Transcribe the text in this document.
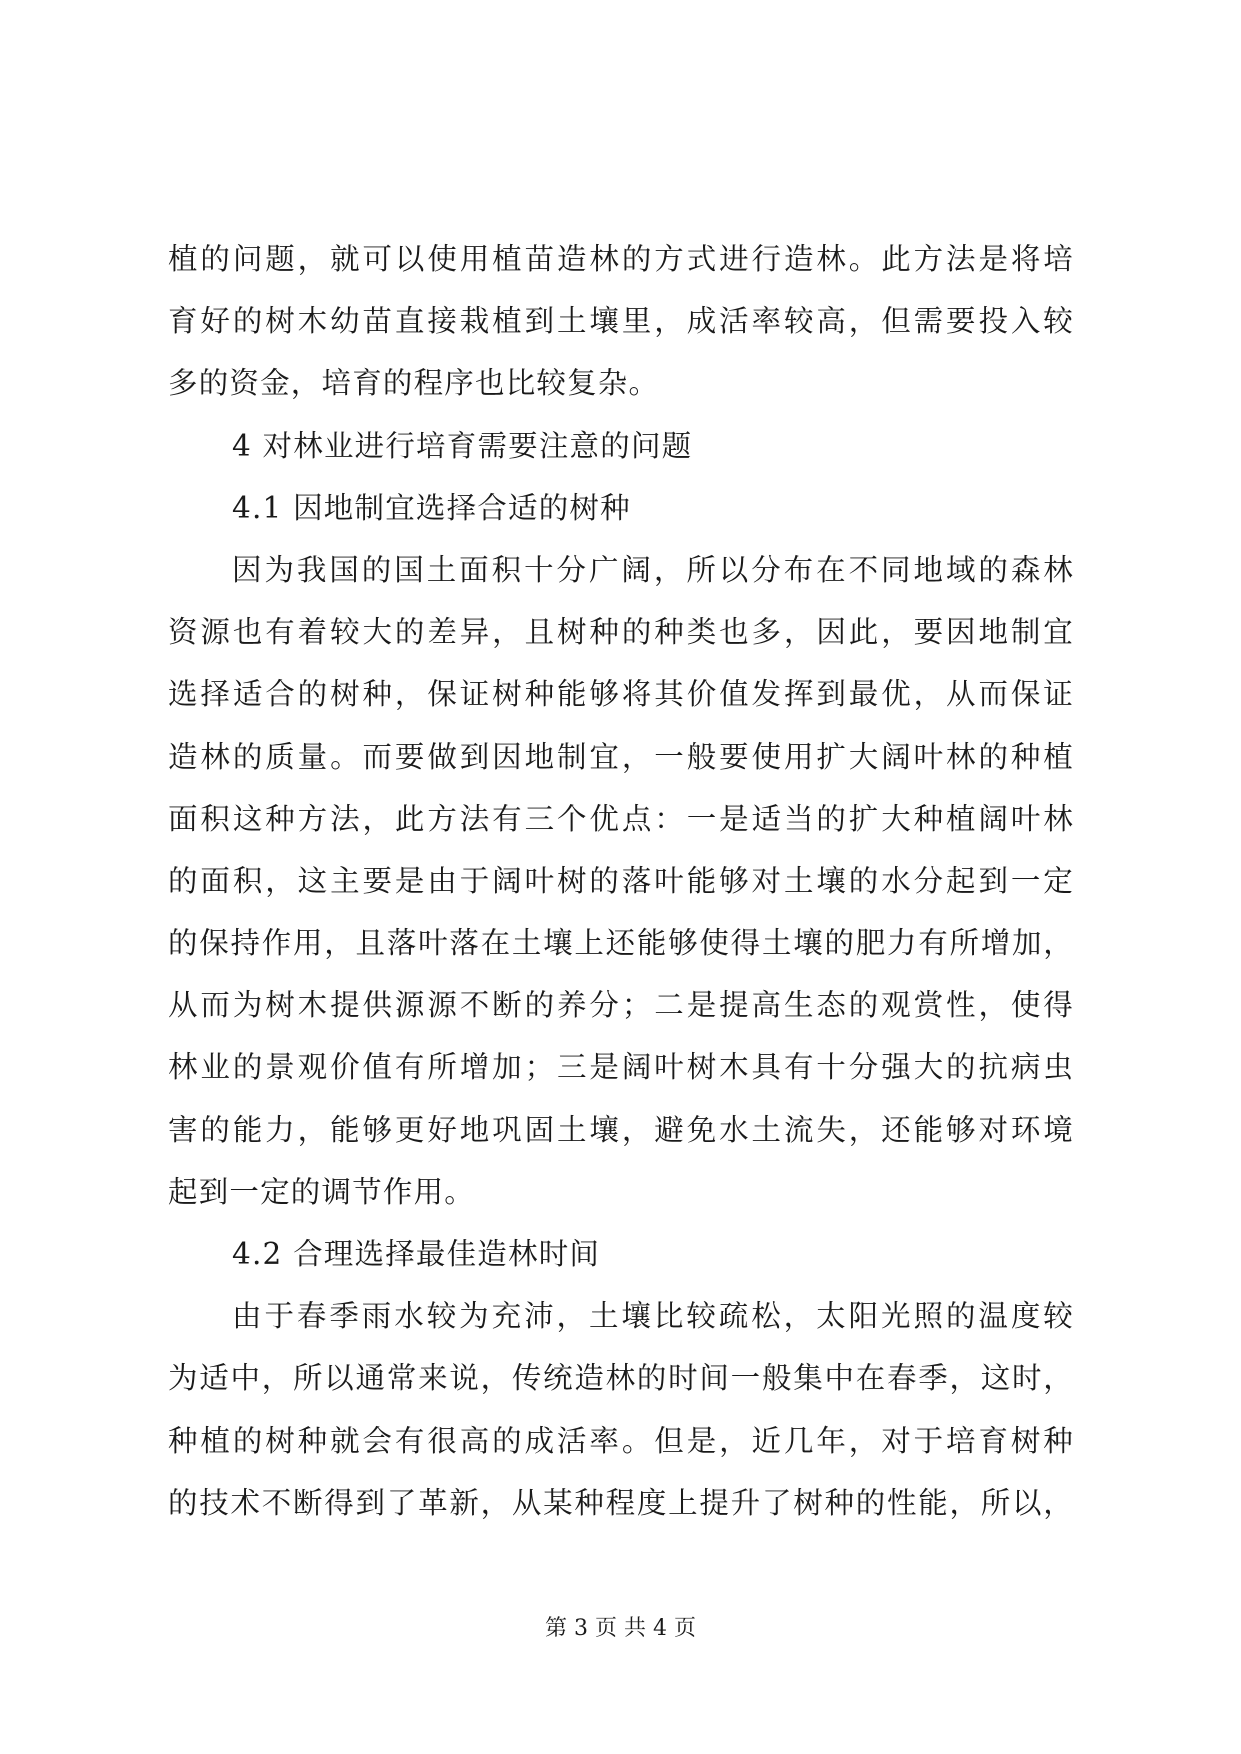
植的问题，就可以使用植苗造林的方式进行造林。此方法是将培
育好的树木幼苗直接栽植到土壤里，成活率较高，但需要投入较
多的资金，培育的程序也比较复杂。
4 对林业进行培育需要注意的问题
4.1 因地制宜选择合适的树种
因为我国的国土面积十分广阔，所以分布在不同地域的森林
资源也有着较大的差异，且树种的种类也多，因此，要因地制宜
选择适合的树种，保证树种能够将其价值发挥到最优，从而保证
造林的质量。而要做到因地制宜，一般要使用扩大阔叶林的种植
面积这种方法，此方法有三个优点：一是适当的扩大种植阔叶林
的面积，这主要是由于阔叶树的落叶能够对土壤的水分起到一定
的保持作用，且落叶落在土壤上还能够使得土壤的肥力有所增加，
从而为树木提供源源不断的养分；二是提高生态的观赏性，使得
林业的景观价值有所增加；三是阔叶树木具有十分强大的抗病虫
害的能力，能够更好地巩固土壤，避免水土流失，还能够对环境
起到一定的调节作用。
4.2 合理选择最佳造林时间
由于春季雨水较为充沛，土壤比较疏松，太阳光照的温度较
为适中，所以通常来说，传统造林的时间一般集中在春季，这时，
种植的树种就会有很高的成活率。但是，近几年，对于培育树种
的技术不断得到了革新，从某种程度上提升了树种的性能，所以，
第 3 页 共 4 页
